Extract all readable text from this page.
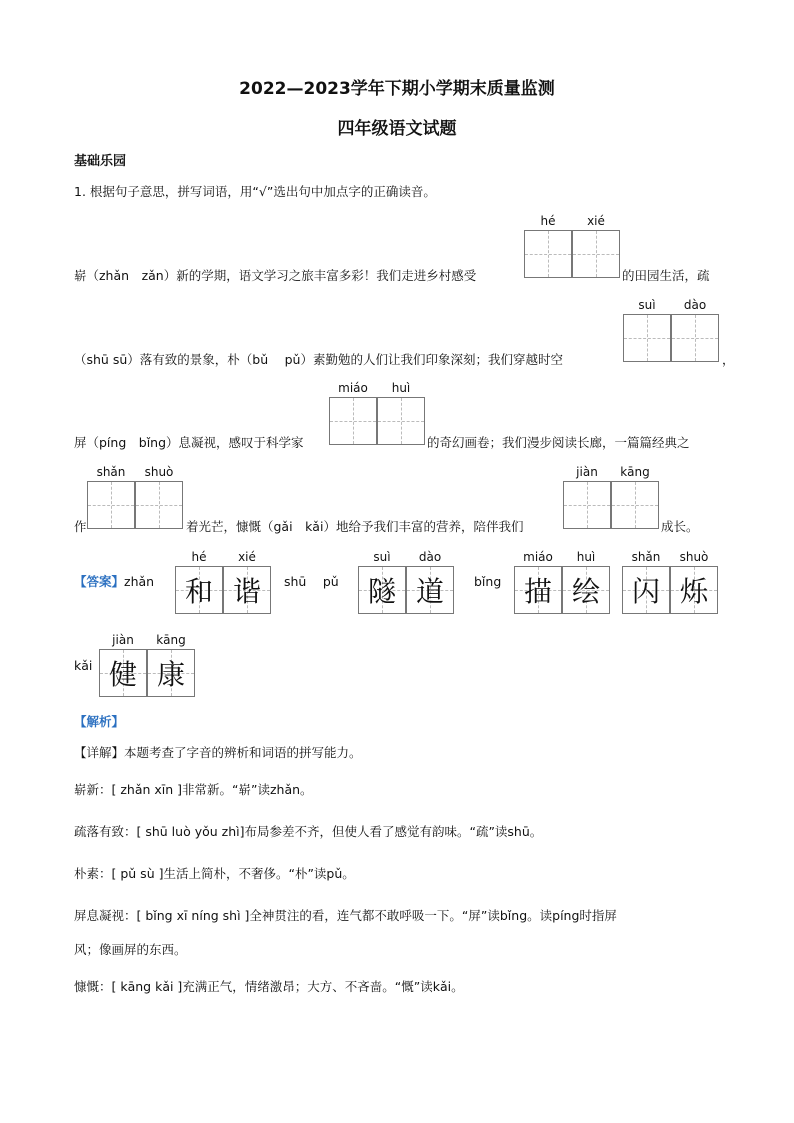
2022—2023学年下期小学期末质量监测
四年级语文试题
基础乐园
1. 根据句子意思，拼写词语，用“√”选出句中加点字的正确读音。
hé	xié
崭（zhǎn　zǎn）新的学期，语文学习之旅丰富多彩！我们走进乡村感受	的田园生活，疏
suì	dào
（shū sū）落有致的景象，朴（bǔ　 pǔ）素勤勉的人们让我们印象深刻；我们穿越时空	，
miáo	huì
屏（píng　bǐng）息凝视，感叹于科学家	的奇幻画卷；我们漫步阅读长廊，一篇篇经典之
shǎn	shuò	jiàn	kāng
作	着光芒，慷慨（gǎi　kǎi）地给予我们丰富的营养，陪伴我们	成长。
【答案】zhǎn
hé	xié
和 谐	shū　 pǔ
suì	dào
隧 道	bǐng
miáo	huì
描 绘
shǎn	shuò
闪 烁
kǎi
jiàn	kāng
健 康
【解析】
【详解】本题考查了字音的辨析和词语的拼写能力。
崭新：[ zhǎn xīn ]非常新。“崭”读zhǎn。
疏落有致：[ shū luò yǒu zhì]布局参差不齐，但使人看了感觉有韵味。“疏”读shū。
朴素：[ pǔ sù ]生活上简朴，不奢侈。“朴”读pǔ。
屏息凝视：[ bǐng xī níng shì ]全神贯注的看，连气都不敢呼吸一下。“屏”读bǐng。读píng时指屏
风；像画屏的东西。
慷慨：[ kāng kǎi ]充满正气，情绪激昂；大方、不吝啬。“慨”读kǎi。
